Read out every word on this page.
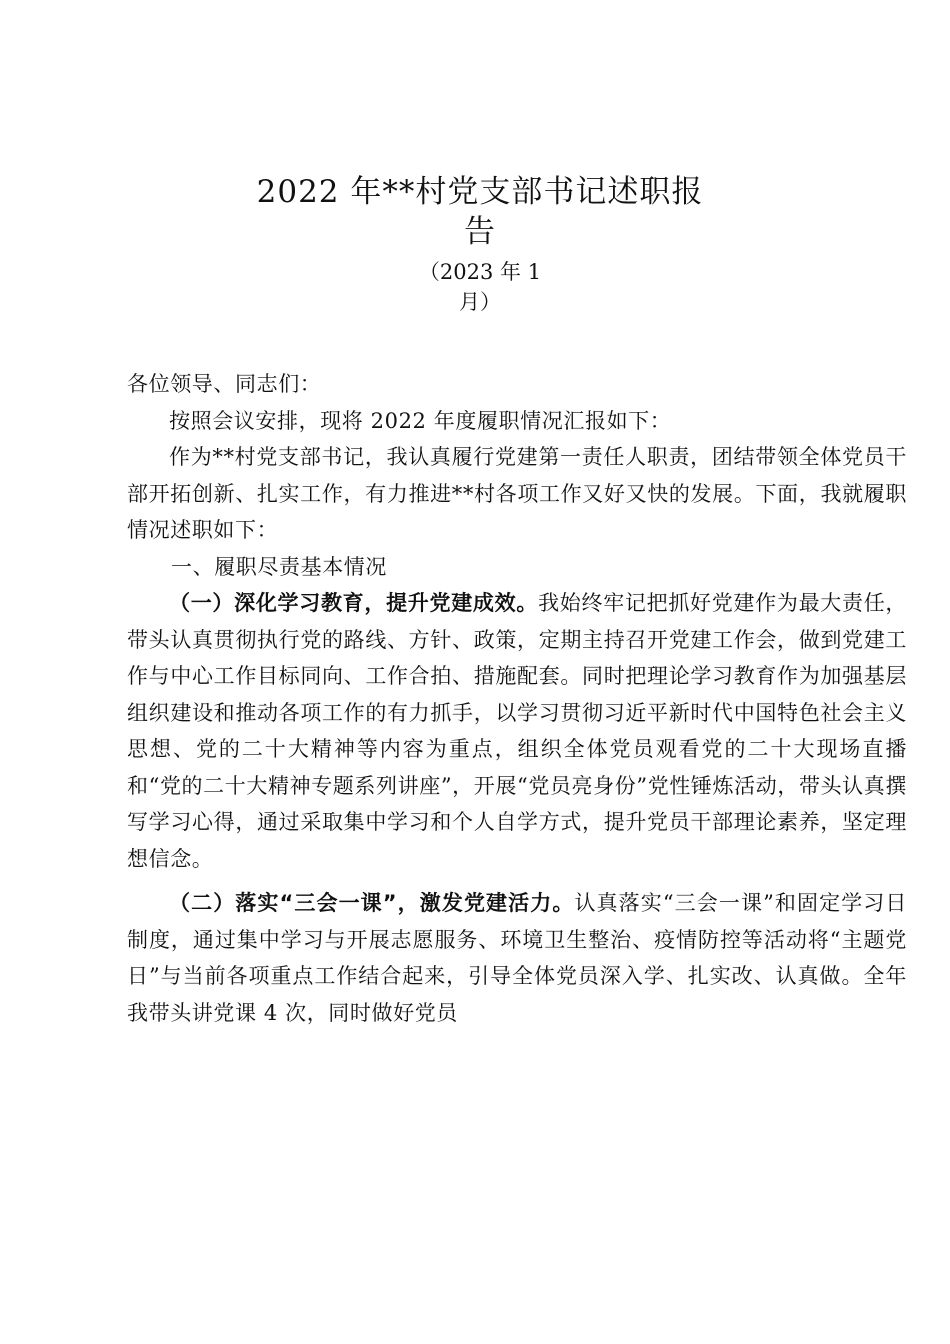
2022 年**村党支部书记述职报
告
（2023 年 1
月）

各位领导、同志们：

按照会议安排，现将 2022 年度履职情况汇报如下：

作为**村党支部书记，我认真履行党建第一责任人职责，团结带领全体党员干部开拓创新、扎实工作，有力推进**村各项工作又好又快的发展。下面，我就履职情况述职如下：

一、履职尽责基本情况

（一）深化学习教育，提升党建成效。我始终牢记把抓好党建作为最大责任，带头认真贯彻执行党的路线、方针、政策，定期主持召开党建工作会，做到党建工作与中心工作目标同向、工作合拍、措施配套。同时把理论学习教育作为加强基层组织建设和推动各项工作的有力抓手，以学习贯彻习近平新时代中国特色社会主义思想、党的二十大精神等内容为重点，组织全体党员观看党的二十大现场直播和“党的二十大精神专题系列讲座”，开展“党员亮身份”党性锤炼活动，带头认真撰写学习心得，通过采取集中学习和个人自学方式，提升党员干部理论素养，坚定理想信念。

（二）落实“三会一课”，激发党建活力。认真落实“三会一课”和固定学习日制度，通过集中学习与开展志愿服务、环境卫生整治、疫情防控等活动将“主题党日”与当前各项重点工作结合起来，引导全体党员深入学、扎实改、认真做。全年我带头讲党课 4 次，同时做好党员
